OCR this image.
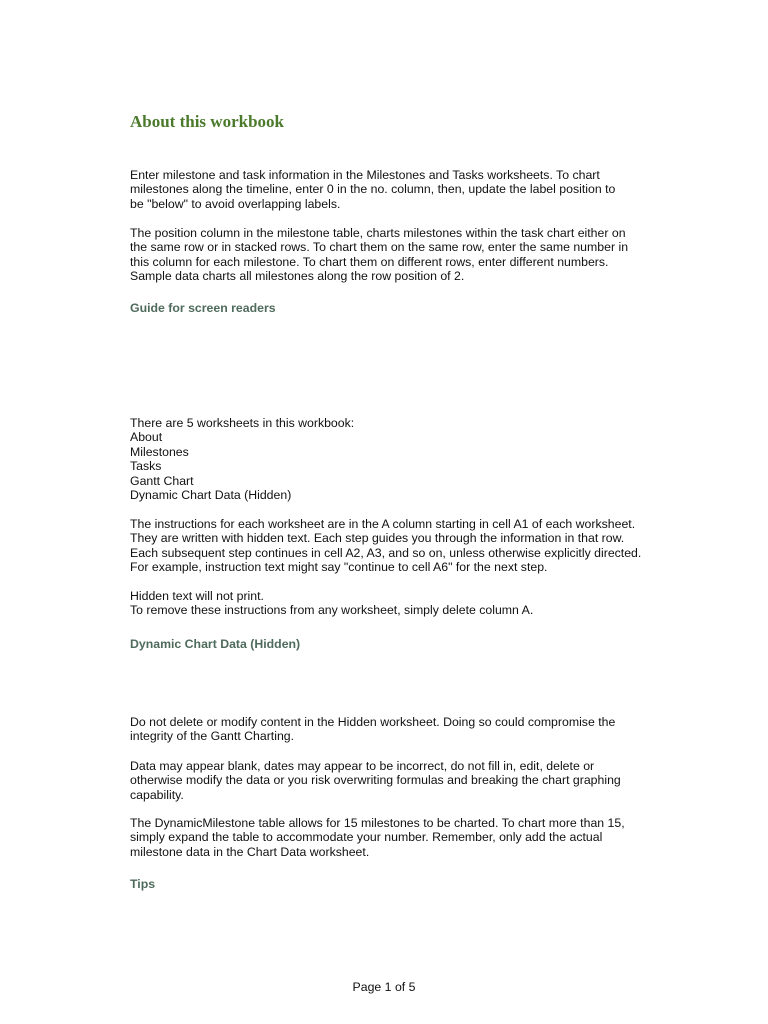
About this workbook

Enter milestone and task information in the Milestones and Tasks worksheets. To chart
milestones along the timeline, enter 0 in the no. column, then, update the label position to
be "below" to avoid overlapping labels.

The position column in the milestone table, charts milestones within the task chart either on
the same row or in stacked rows. To chart them on the same row, enter the same number in
this column for each milestone. To chart them on different rows, enter different numbers.
Sample data charts all milestones along the row position of 2.

Guide for screen readers
There are 5 worksheets in this workbook:
About
Milestones
Tasks
Gantt Chart
Dynamic Chart Data (Hidden)

The instructions for each worksheet are in the A column starting in cell A1 of each worksheet.
They are written with hidden text. Each step guides you through the information in that row.
Each subsequent step continues in cell A2, A3, and so on, unless otherwise explicitly directed.
For example, instruction text might say "continue to cell A6" for the next step.

Hidden text will not print.
To remove these instructions from any worksheet, simply delete column A.

Dynamic Chart Data (Hidden)

Do not delete or modify content in the Hidden worksheet. Doing so could compromise the
integrity of the Gantt Charting.

Data may appear blank, dates may appear to be incorrect, do not fill in, edit, delete or
otherwise modify the data or you risk overwriting formulas and breaking the chart graphing
capability.

The DynamicMilestone table allows for 15 milestones to be charted. To chart more than 15,
simply expand the table to accommodate your number. Remember, only add the actual
milestone data in the Chart Data worksheet.

Tips

Page 1 of 5
